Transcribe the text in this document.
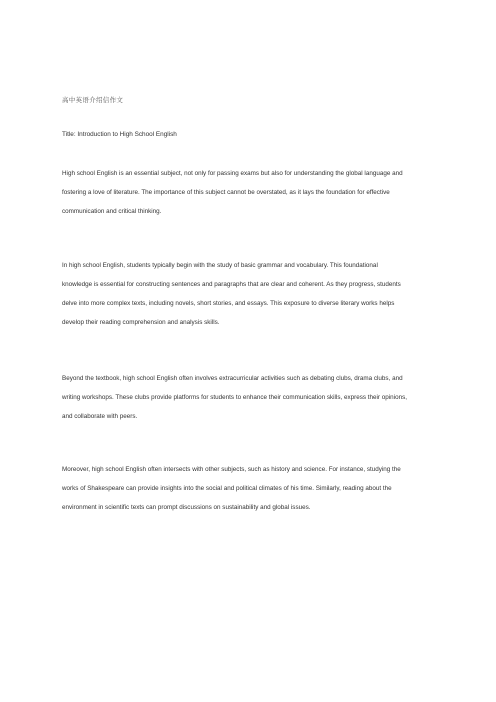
高中英语介绍信作文
Title: Introduction to High School English
High school English is an essential subject, not only for passing exams but also for understanding the global language and
fostering a love of literature. The importance of this subject cannot be overstated, as it lays the foundation for effective
communication and critical thinking.
In high school English, students typically begin with the study of basic grammar and vocabulary. This foundational
knowledge is essential for constructing sentences and paragraphs that are clear and coherent. As they progress, students
delve into more complex texts, including novels, short stories, and essays. This exposure to diverse literary works helps
develop their reading comprehension and analysis skills.
Beyond the textbook, high school English often involves extracurricular activities such as debating clubs, drama clubs, and
writing workshops. These clubs provide platforms for students to enhance their communication skills, express their opinions,
and collaborate with peers.
Moreover, high school English often intersects with other subjects, such as history and science. For instance, studying the
works of Shakespeare can provide insights into the social and political climates of his time. Similarly, reading about the
environment in scientific texts can prompt discussions on sustainability and global issues.
